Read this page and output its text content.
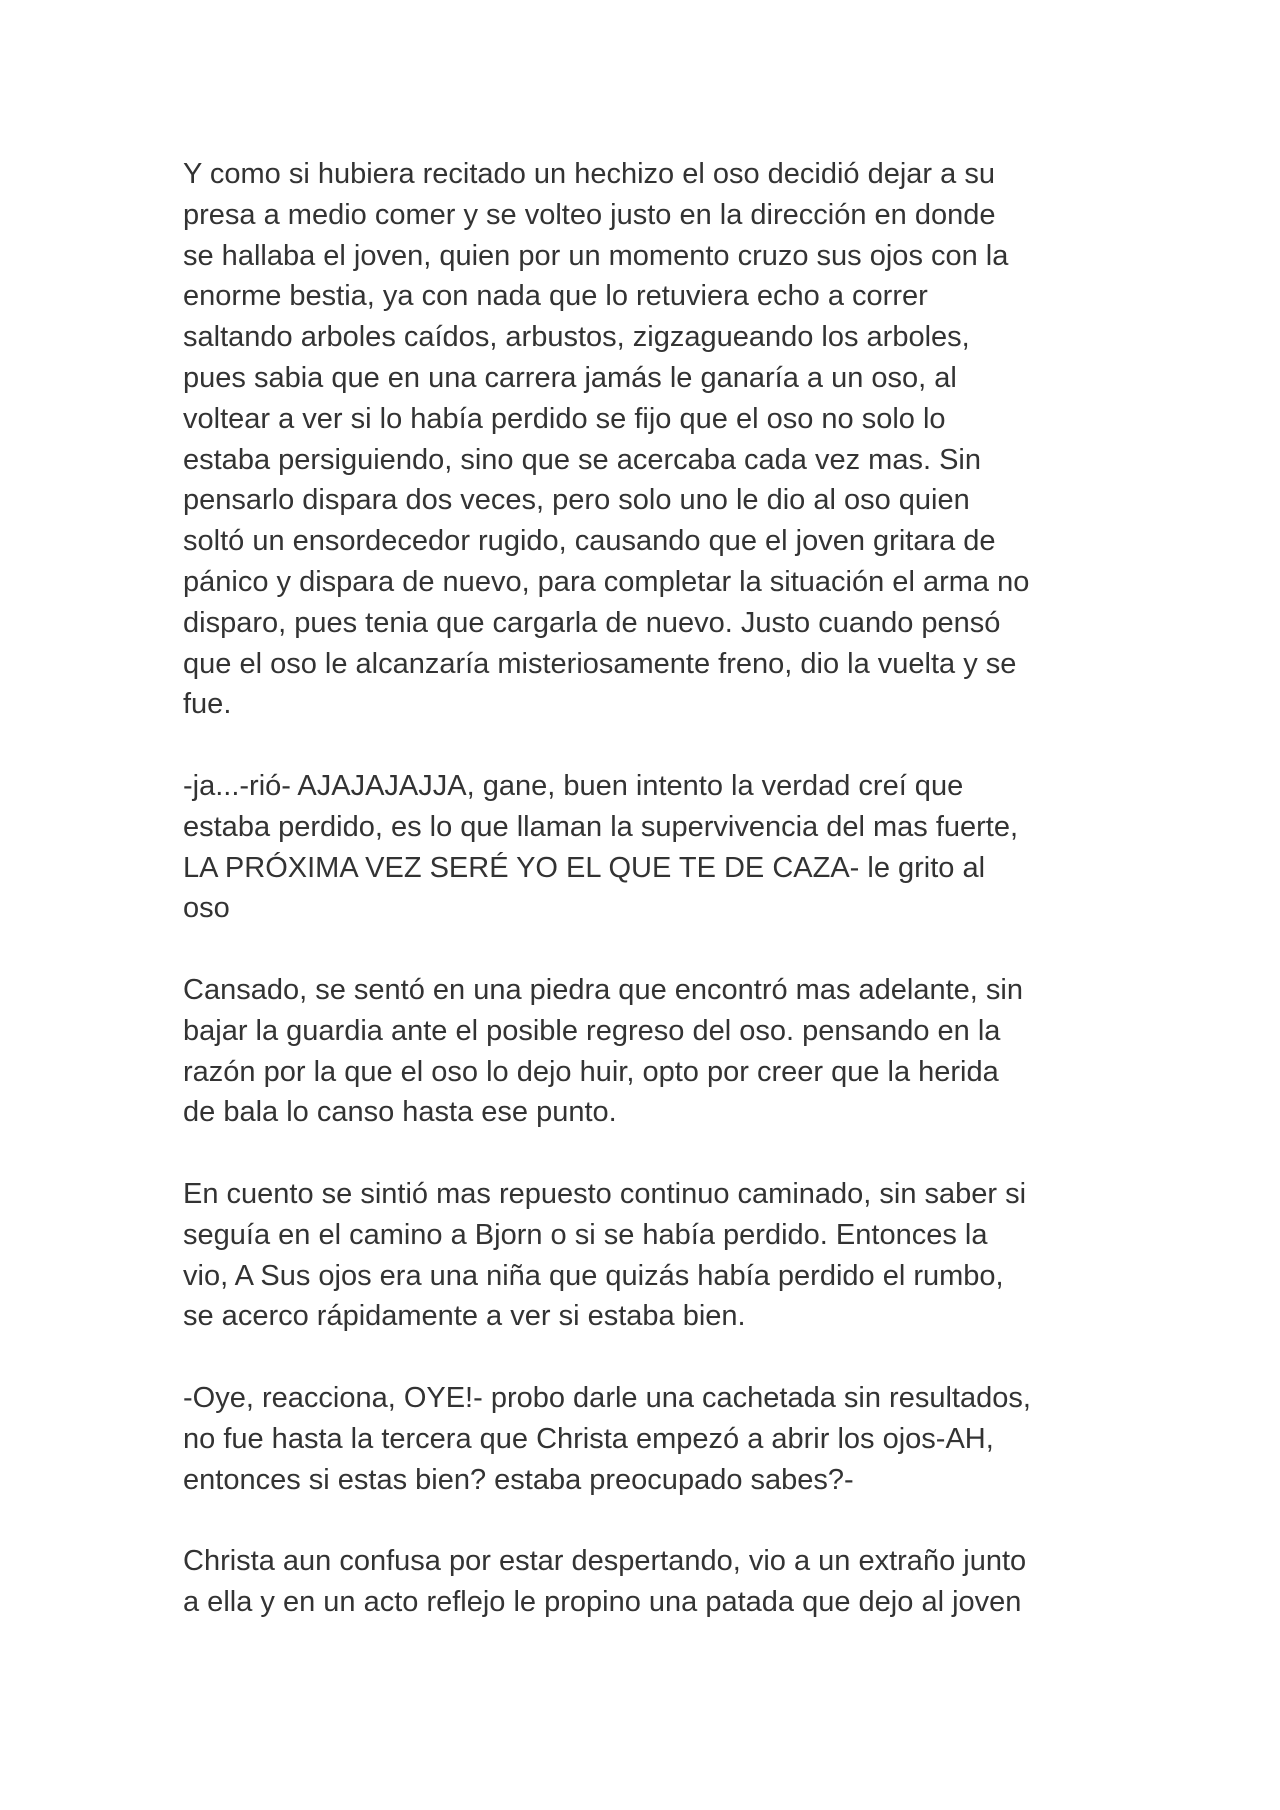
Y como si hubiera recitado un hechizo el oso decidió dejar a su
presa a medio comer y se volteo justo en la dirección en donde
se hallaba el joven, quien por un momento cruzo sus ojos con la
enorme bestia, ya con nada que lo retuviera echo a correr
saltando arboles caídos, arbustos, zigzagueando los arboles,
pues sabia que en una carrera jamás le ganaría a un oso, al
voltear a ver si lo había perdido se fijo que el oso no solo lo
estaba persiguiendo, sino que se acercaba cada vez mas. Sin
pensarlo dispara dos veces, pero solo uno le dio al oso quien
soltó un ensordecedor rugido, causando que el joven gritara de
pánico y dispara de nuevo, para completar la situación el arma no
disparo, pues tenia que cargarla de nuevo. Justo cuando pensó
que el oso le alcanzaría misteriosamente freno, dio la vuelta y se
fue.

-ja...-rió- AJAJAJAJJA, gane, buen intento la verdad creí que
estaba perdido, es lo que llaman la supervivencia del mas fuerte,
LA PRÓXIMA VEZ SERÉ YO EL QUE TE DE CAZA- le grito al
oso

Cansado, se sentó en una piedra que encontró mas adelante, sin
bajar la guardia ante el posible regreso del oso. pensando en la
razón por la que el oso lo dejo huir, opto por creer que la herida
de bala lo canso hasta ese punto.

En cuento se sintió mas repuesto continuo caminado, sin saber si
seguía en el camino a Bjorn o si se había perdido. Entonces la
vio, A Sus ojos era una niña que quizás había perdido el rumbo,
se acerco rápidamente a ver si estaba bien.

-Oye, reacciona, OYE!- probo darle una cachetada sin resultados,
no fue hasta la tercera que Christa empezó a abrir los ojos-AH,
entonces si estas bien? estaba preocupado sabes?-

Christa aun confusa por estar despertando, vio a un extraño junto
a ella y en un acto reflejo le propino una patada que dejo al joven
